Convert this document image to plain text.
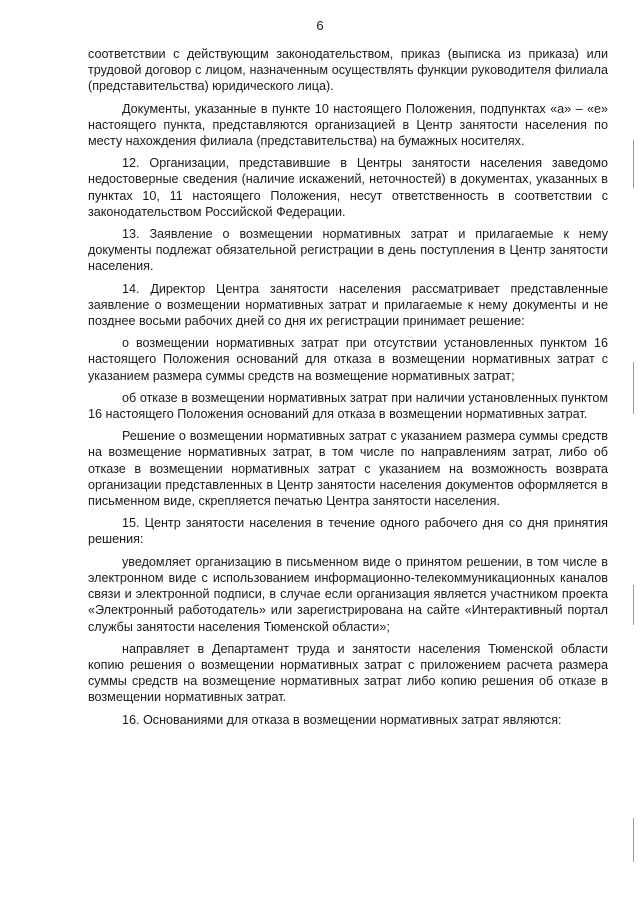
6

соответствии с действующим законодательством, приказ (выписка из приказа) или трудовой договор с лицом, назначенным осуществлять функции руководителя филиала (представительства) юридического лица).

Документы, указанные в пункте 10 настоящего Положения, подпунктах «а» – «е» настоящего пункта, представляются организацией в Центр занятости населения по месту нахождения филиала (представительства) на бумажных носителях.

12. Организации, представившие в Центры занятости населения заведомо недостоверные сведения (наличие искажений, неточностей) в документах, указанных в пунктах 10, 11 настоящего Положения, несут ответственность в соответствии с законодательством Российской Федерации.

13. Заявление о возмещении нормативных затрат и прилагаемые к нему документы подлежат обязательной регистрации в день поступления в Центр занятости населения.

14. Директор Центра занятости населения рассматривает представленные заявление о возмещении нормативных затрат и прилагаемые к нему документы и не позднее восьми рабочих дней со дня их регистрации принимает решение:

о возмещении нормативных затрат при отсутствии установленных пунктом 16 настоящего Положения оснований для отказа в возмещении нормативных затрат с указанием размера суммы средств на возмещение нормативных затрат;

об отказе в возмещении нормативных затрат при наличии установленных пунктом 16 настоящего Положения оснований для отказа в возмещении нормативных затрат.

Решение о возмещении нормативных затрат с указанием размера суммы средств на возмещение нормативных затрат, в том числе по направлениям затрат, либо об отказе в возмещении нормативных затрат с указанием на возможность возврата организации представленных в Центр занятости населения документов оформляется в письменном виде, скрепляется печатью Центра занятости населения.

15. Центр занятости населения в течение одного рабочего дня со дня принятия решения:

уведомляет организацию в письменном виде о принятом решении, в том числе в электронном виде с использованием информационно-телекоммуникационных каналов связи и электронной подписи, в случае если организация является участником проекта «Электронный работодатель» или зарегистрирована на сайте «Интерактивный портал службы занятости населения Тюменской области»;

направляет в Департамент труда и занятости населения Тюменской области копию решения о возмещении нормативных затрат с приложением расчета размера суммы средств на возмещение нормативных затрат либо копию решения об отказе в возмещении нормативных затрат.

16. Основаниями для отказа в возмещении нормативных затрат являются:
